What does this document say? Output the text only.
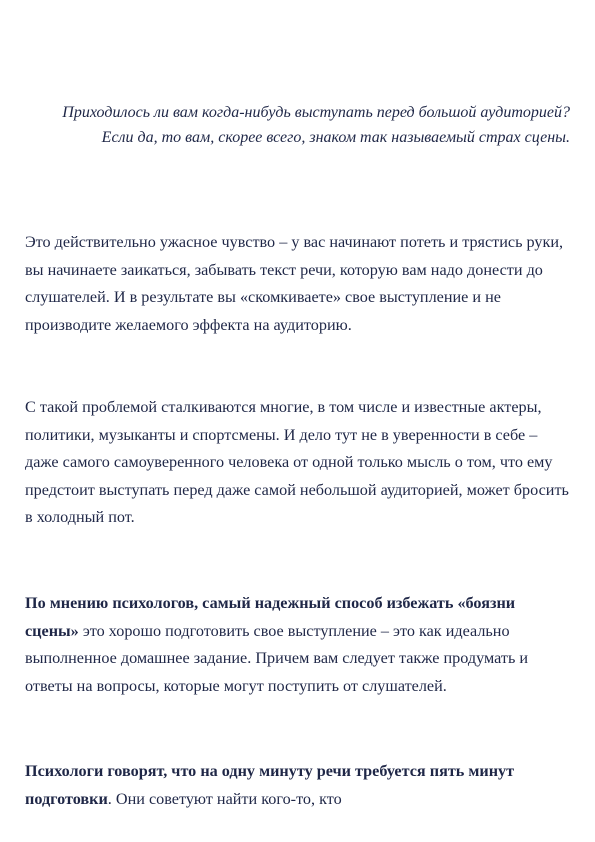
Приходилось ли вам когда-нибудь выступать перед большой аудиторией? Если да, то вам, скорее всего, знаком так называемый страх сцены.

Это действительно ужасное чувство – у вас начинают потеть и трястись руки, вы начинаете заикаться, забывать текст речи, которую вам надо донести до слушателей. И в результате вы «скомкиваете» свое выступление и не производите желаемого эффекта на аудиторию.

С такой проблемой сталкиваются многие, в том числе и известные актеры, политики, музыканты и спортсмены. И дело тут не в уверенности в себе – даже самого самоуверенного человека от одной только мысль о том, что ему предстоит выступать перед даже самой небольшой аудиторией, может бросить в холодный пот.

По мнению психологов, самый надежный способ избежать «боязни сцены» это хорошо подготовить свое выступление – это как идеально выполненное домашнее задание. Причем вам следует также продумать и ответы на вопросы, которые могут поступить от слушателей.

Психологи говорят, что на одну минуту речи требуется пять минут подготовки. Они советуют найти кого-то, кто
